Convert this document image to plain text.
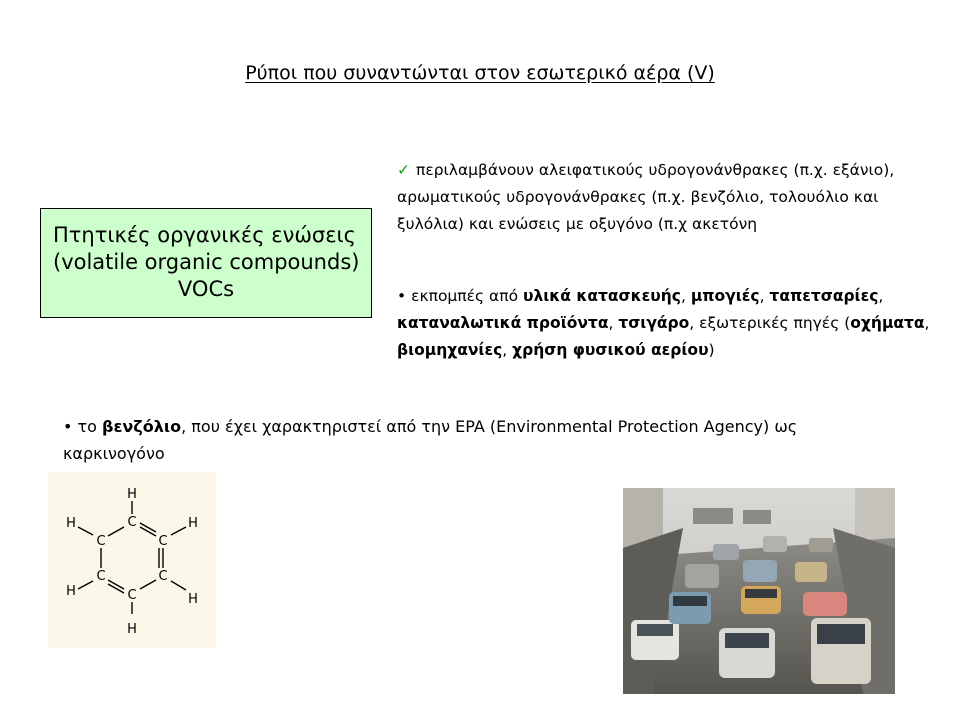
Ρύποι που συναντώνται στον εσωτερικό αέρα (V)
Πτητικές οργανικές ενώσεις
(volatile organic compounds)
VOCs
✓ περιλαμβάνουν αλειφατικούς υδρογονάνθρακες (π.χ. εξάνιο), αρωματικούς υδρογονάνθρακες (π.χ. βενζόλιο, τολουόλιο και ξυλόλια) και ενώσεις με οξυγόνο (π.χ ακετόνη
• εκπομπές από υλικά κατασκευής, μπογιές, ταπετσαρίες, καταναλωτικά προϊόντα, τσιγάρο, εξωτερικές πηγές (οχήματα, βιομηχανίες, χρήση φυσικού αερίου)
• το βενζόλιο, που έχει χαρακτηριστεί από την EPA (Environmental Protection Agency) ως καρκινογόνο
H
C
C
C
C
C
C
H
H
H
H
H
